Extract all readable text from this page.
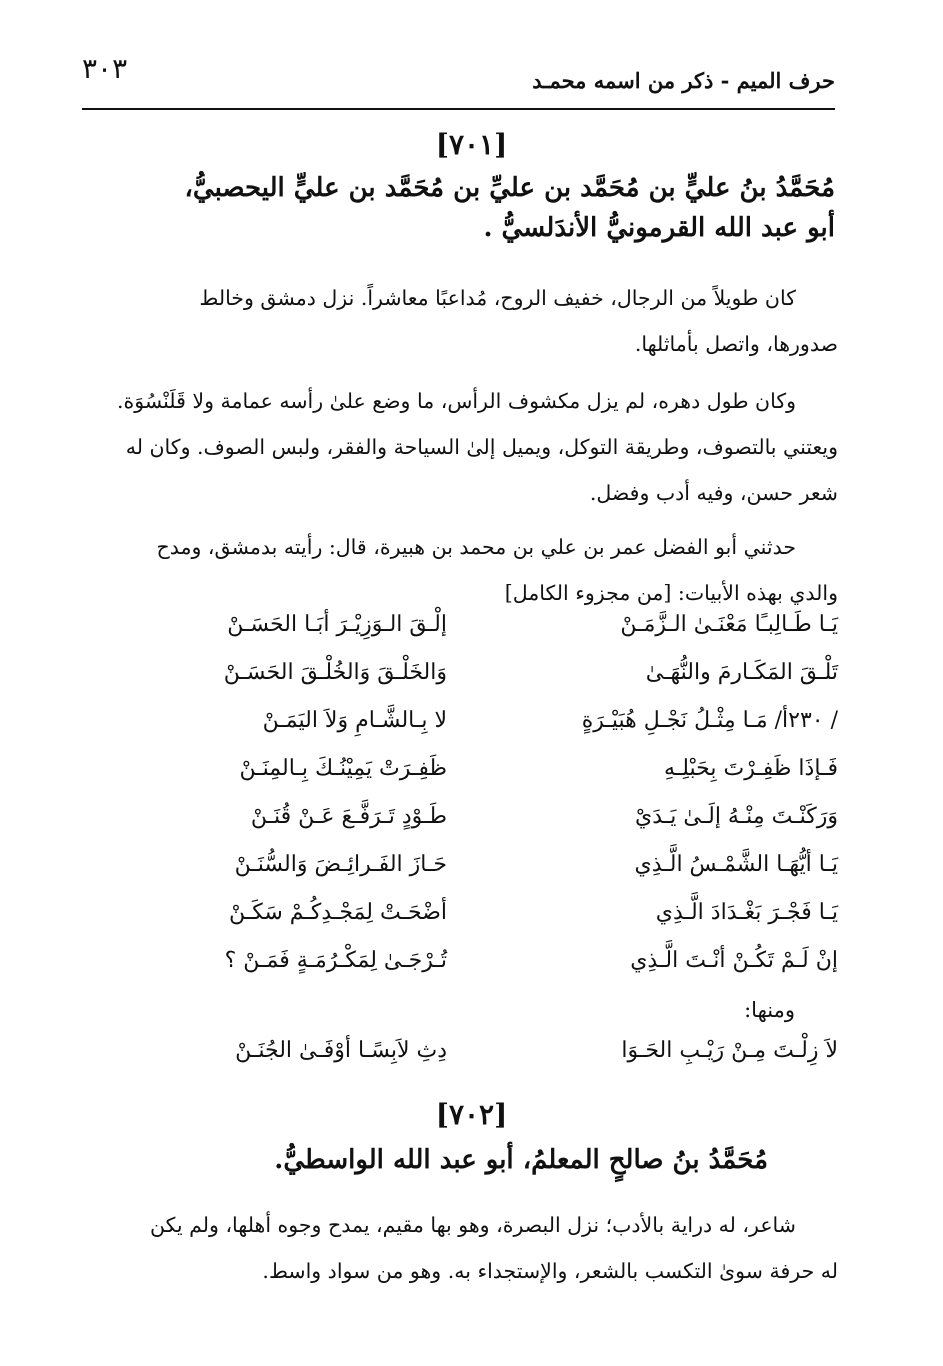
٣٠٣	حرف الميم - ذكر من اسمه محمـد
[٧٠١]
مُحَمَّدُ بنُ عليٍّ بن مُحَمَّد بن عليِّ بن مُحَمَّد بن عليٍّ اليحصبيُّ،
أبو عبد الله القرمونيُّ الأندَلسيُّ .
كان طويلاً من الرجال، خفيف الروح، مُداعبًا معاشراً. نزل دمشق وخالط
صدورها، واتصل بأماثلها.
وكان طول دهره، لم يزل مكشوف الرأس، ما وضع علىٰ رأسه عمامة ولا قَلَنْسُوَة.
ويعتني بالتصوف، وطريقة التوكل، ويميل إلىٰ السياحة والفقر، ولبس الصوف. وكان له
شعر حسن، وفيه أدب وفضل.
حدثني أبو الفضل عمر بن علي بن محمد بن هبيرة، قال: رأيته بدمشق، ومدح
والدي بهذه الأبيات: [من مجزوء الكامل]
يَـا طَـالِبـًا مَعْنَـىٰ الـزَّمَـنْ
إلْـقَ الـوَزِيْـرَ أبَـا الحَسَـنْ
تَلْـقَ المَكَـارمَ والنُّهَـىٰ
وَالخَلْـقَ وَالخُلْـقَ الحَسَـنْ
/ ٢٣٠أ/ مَـا مِثْـلُ نَجْـلِ هُبَيْـرَةٍ
لا بِـالشَّـامِ وَلاَ اليَمَـنْ
فَـإذَا ظَفِـرْتَ بِحَبْلِـهِ
ظَفِـرَتْ يَمِيْنُـكَ بِـالمِنَـنْ
وَرَكَنْـتَ مِنْـهُ إلَـىٰ يَـدَيْ
طَـوْدٍ تَـرَفَّـعَ عَـنْ قُنَـنْ
يَـا أيُّهَـا الشَّمْـسُ الَّـذِي
حَـازَ الفَـرائِـضَ وَالسُّنَـنْ
يَـا فَجْـرَ بَغْـدَادَ الَّـذِي
أضْحَـتْ لِمَجْـدِكُـمْ سَكَـنْ
إنْ لَـمْ تَكُـنْ أنْـتَ الَّـذِي
تُـرْجَـىٰ لِمَكْـرُمَـةٍ فَمَـنْ ؟
ومنها:
لاَ زِلْـتَ مِـنْ رَيْـبِ الحَـوَا
دِثِ لاَبِسًـا أوْفَـىٰ الجُنَـنْ
[٧٠٢]
مُحَمَّدُ بنُ صالحٍ المعلمُ، أبو عبد الله الواسطيُّ.
شاعر، له دراية بالأدب؛ نزل البصرة، وهو بها مقيم، يمدح وجوه أهلها، ولم يكن
له حرفة سوىٰ التكسب بالشعر، والإستجداء به. وهو من سواد واسط.
